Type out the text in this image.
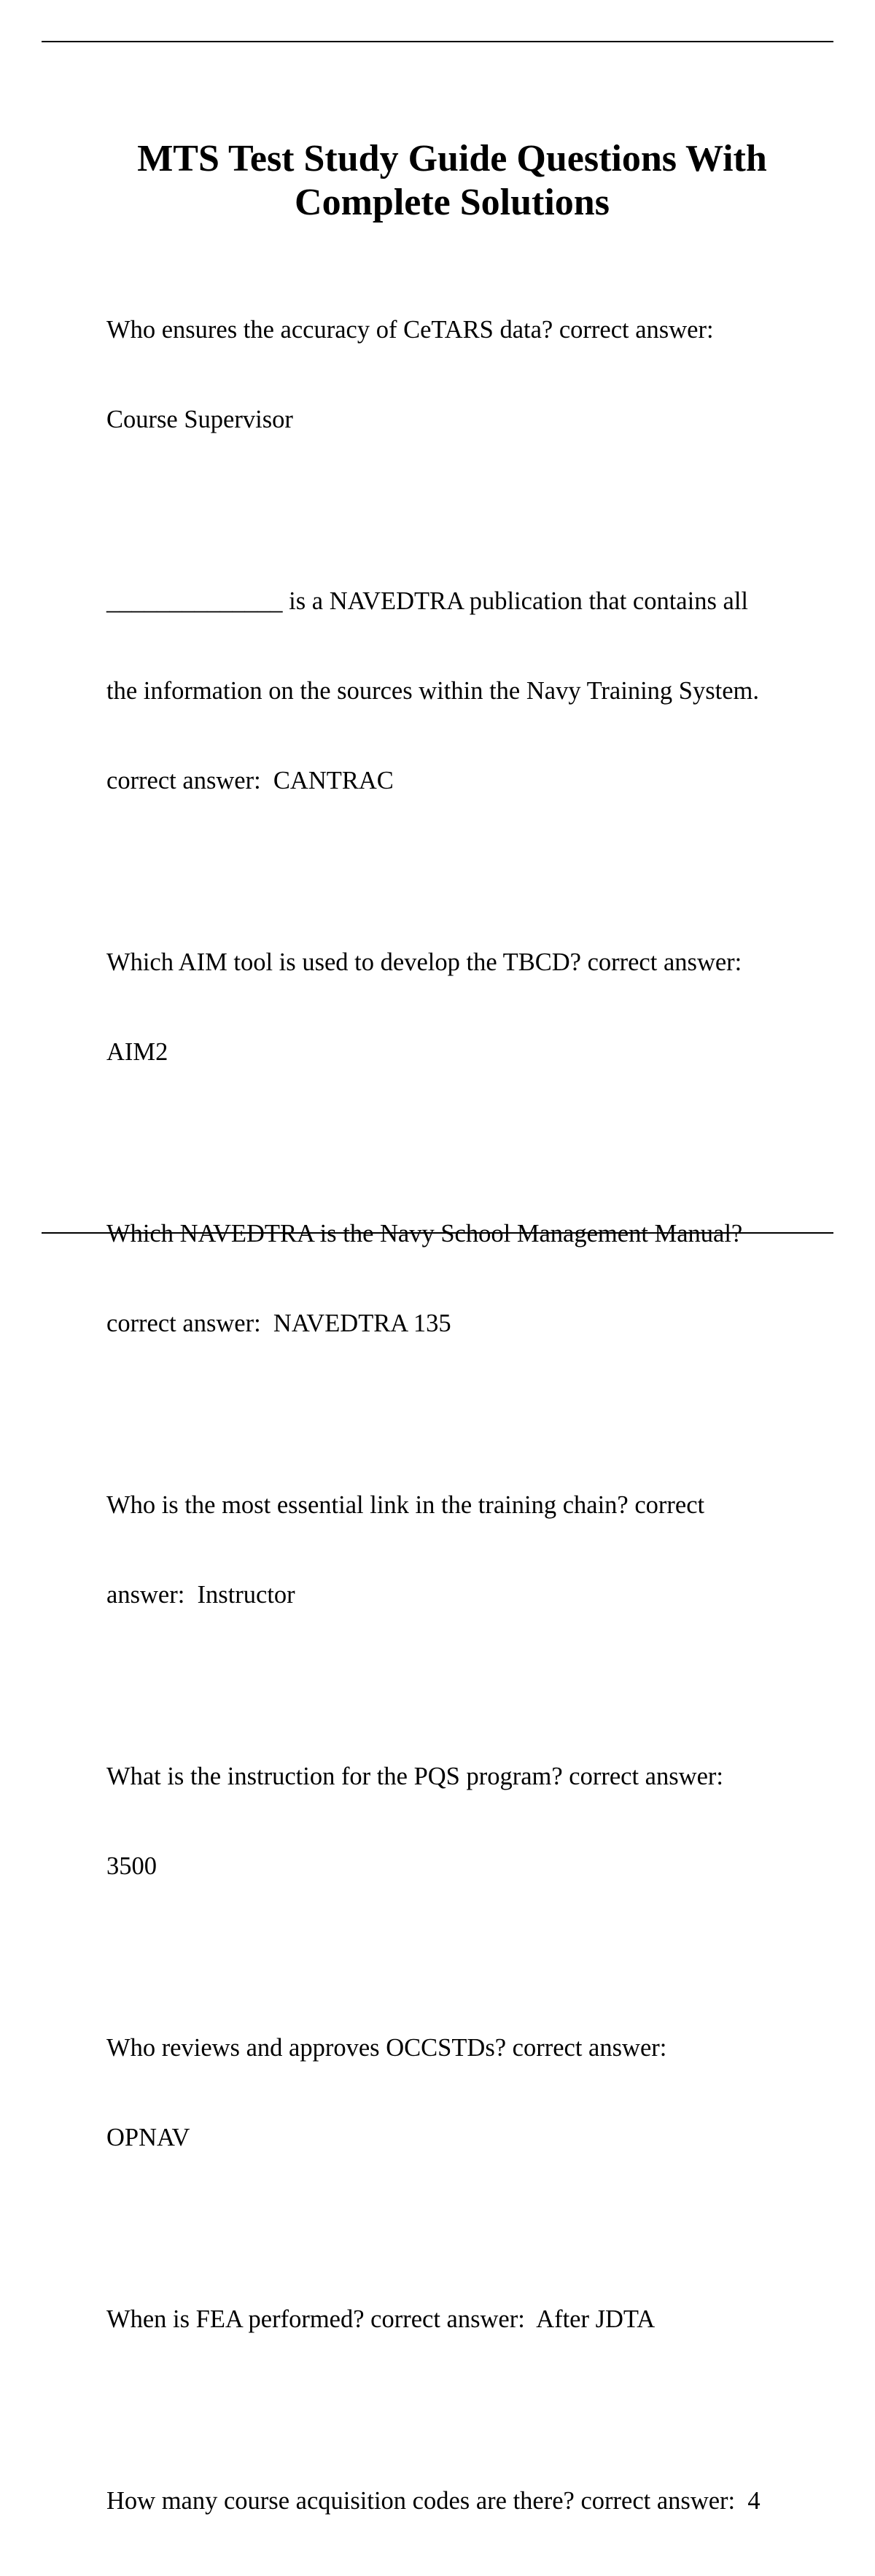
MTS Test Study Guide Questions With
Complete Solutions

Who ensures the accuracy of CeTARS data? correct answer:

Course Supervisor

______________ is a NAVEDTRA publication that contains all

the information on the sources within the Navy Training System.

correct answer:  CANTRAC

Which AIM tool is used to develop the TBCD? correct answer:

AIM2

Which NAVEDTRA is the Navy School Management Manual?

correct answer:  NAVEDTRA 135

Who is the most essential link in the training chain? correct

answer:  Instructor

What is the instruction for the PQS program? correct answer:

3500

Who reviews and approves OCCSTDs? correct answer:

OPNAV

When is FEA performed? correct answer:  After JDTA

How many course acquisition codes are there? correct answer:  4
